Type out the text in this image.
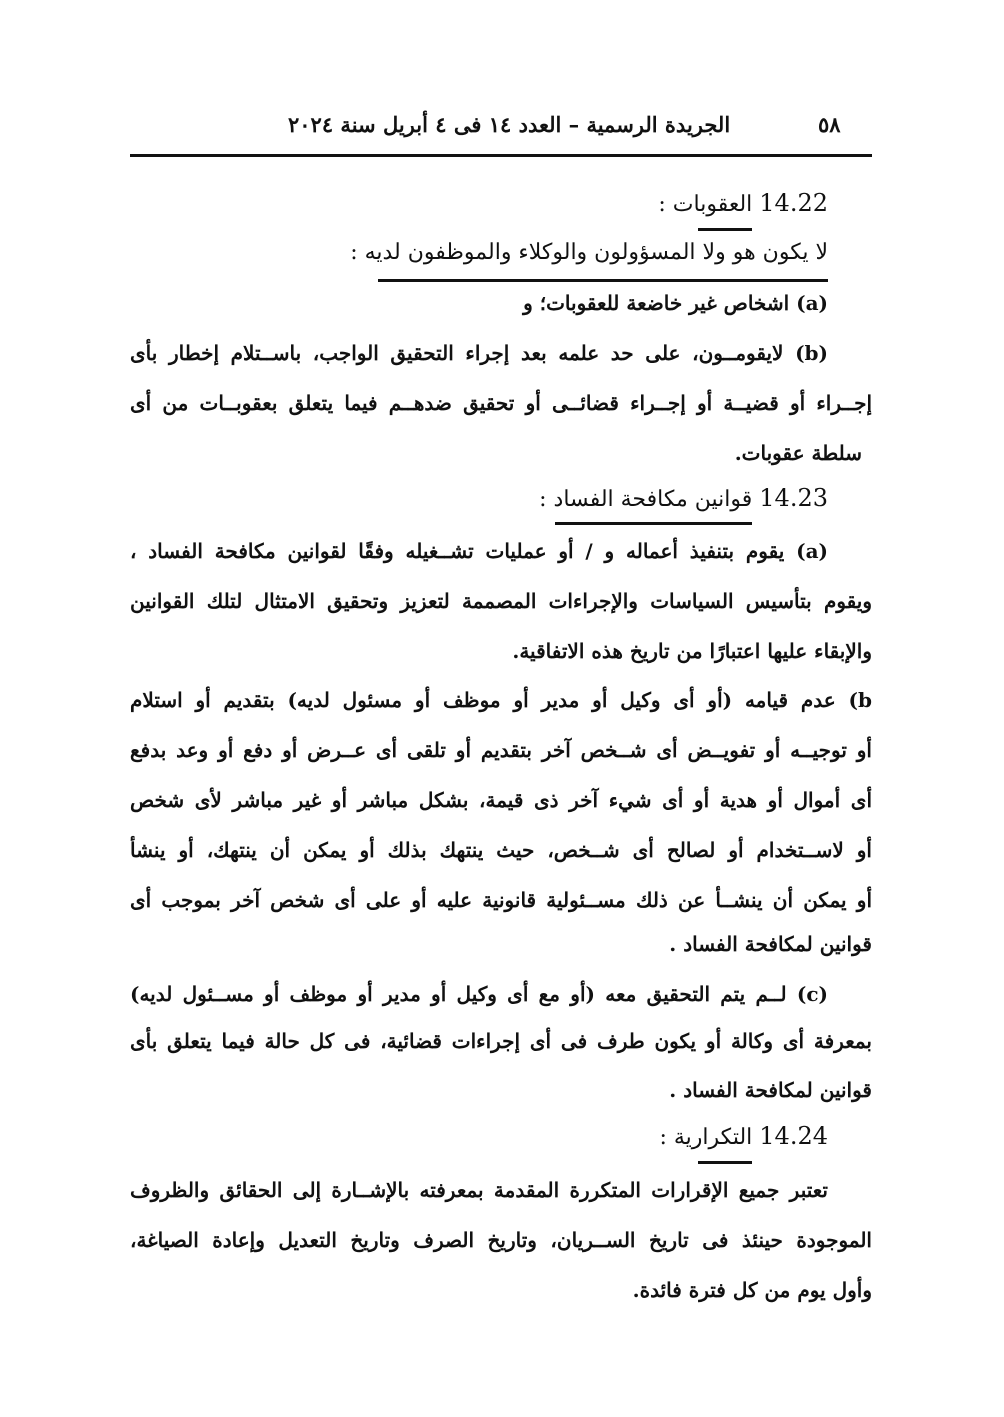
٥٨
الجريدة الرسمية – العدد ١٤ فى ٤ أبريل سنة ٢٠٢٤
14.22 العقوبات :
لا يكون هو ولا المسؤولون والوكلاء والموظفون لديه :
(a) اشخاص غير خاضعة للعقوبات؛ و
(b) لايقومــون، على حد علمه بعد إجراء التحقيق الواجب، باســتلام إخطار بأى
إجــراء أو قضيــة أو إجــراء قضائــى أو تحقيق ضدهــم فيما يتعلق بعقوبــات من أى
سلطة عقوبات.
14.23 قوانين مكافحة الفساد :
(a) يقوم بتنفيذ أعماله و / أو عمليات تشــغيله وفقًا لقوانين مكافحة الفساد ،
ويقوم بتأسيس السياسات والإجراءات المصممة لتعزيز وتحقيق الامتثال لتلك القوانين
والإبقاء عليها اعتبارًا من تاريخ هذه الاتفاقية.
b) عدم قيامه (أو أى وكيل أو مدير أو موظف أو مسئول لديه) بتقديم أو استلام
أو توجيــه أو تفويــض أى شــخص آخر بتقديم أو تلقى أى عــرض أو دفع أو وعد بدفع
أى أموال أو هدية أو أى شيء آخر ذى قيمة، بشكل مباشر أو غير مباشر لأى شخص
أو لاســتخدام أو لصالح أى شــخص، حيث ينتهك بذلك أو يمكن أن ينتهك، أو ينشأ
أو يمكن أن ينشــأ عن ذلك مســئولية قانونية عليه أو على أى شخص آخر بموجب أى
قوانين لمكافحة الفساد .
(c) لــم يتم التحقيق معه (أو مع أى وكيل أو مدير أو موظف أو مســئول لديه)
بمعرفة أى وكالة أو يكون طرف فى أى إجراءات قضائية، فى كل حالة فيما يتعلق بأى
قوانين لمكافحة الفساد .
14.24 التكرارية :
تعتبر جميع الإقرارات المتكررة المقدمة بمعرفته بالإشــارة إلى الحقائق والظروف
الموجودة حينئذ فى تاريخ الســريان، وتاريخ الصرف وتاريخ التعديل وإعادة الصياغة،
وأول يوم من كل فترة فائدة.
